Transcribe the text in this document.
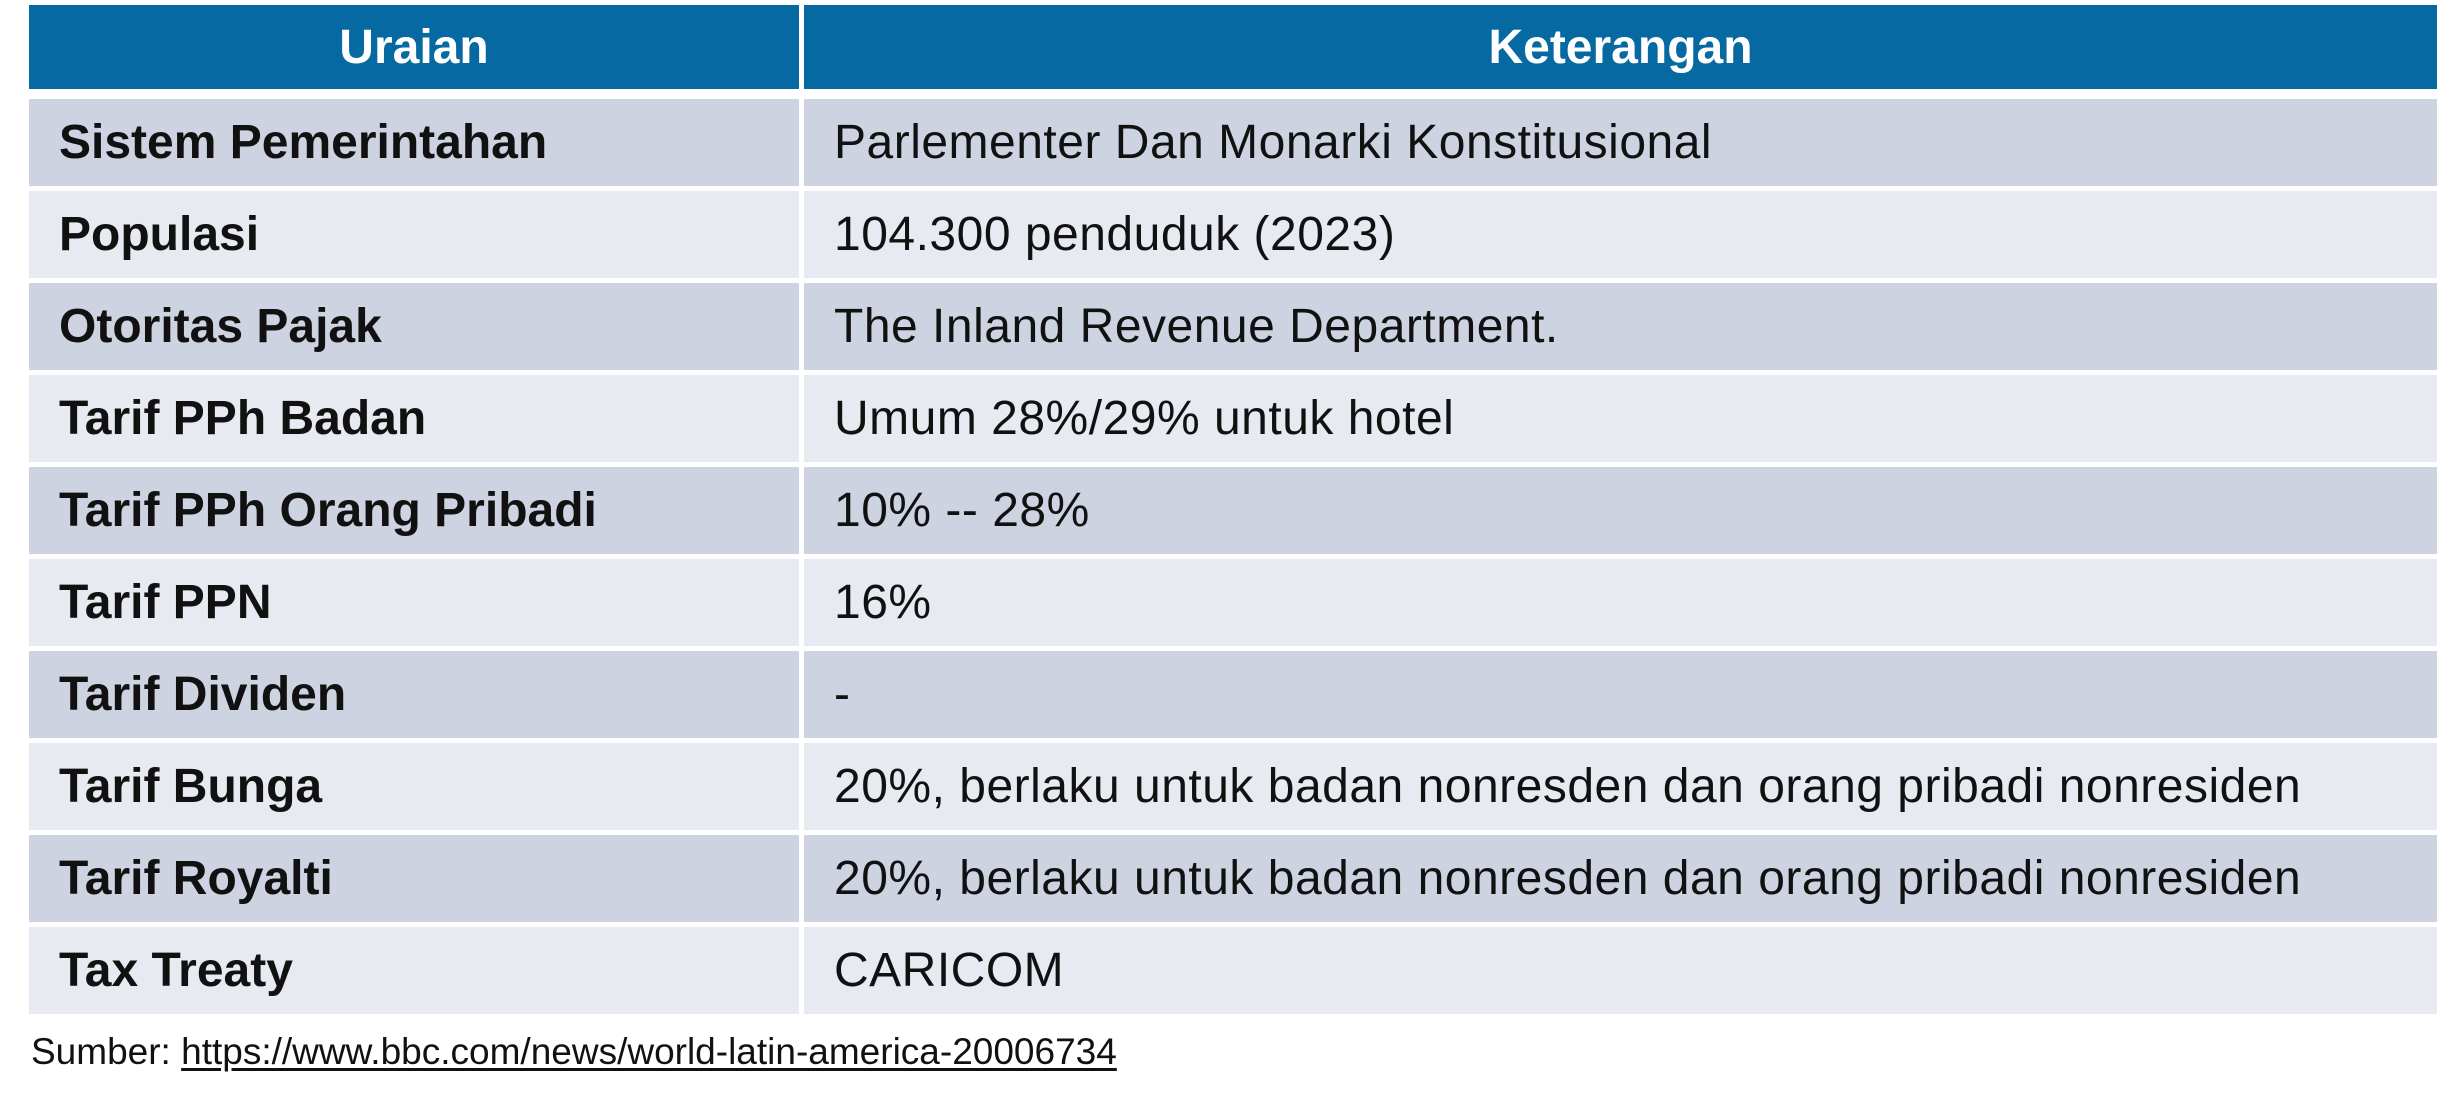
Uraian	Keterangan
Sistem Pemerintahan	Parlementer Dan Monarki Konstitusional
Populasi	104.300 penduduk (2023)
Otoritas Pajak	The Inland Revenue Department.
Tarif PPh Badan	Umum 28%/29% untuk hotel
Tarif PPh Orang Pribadi	10% -- 28%
Tarif PPN	16%
Tarif Dividen	-
Tarif Bunga	20%, berlaku untuk badan nonresden dan orang pribadi nonresiden
Tarif Royalti	20%, berlaku untuk badan nonresden dan orang pribadi nonresiden
Tax Treaty	CARICOM
Sumber: https://www.bbc.com/news/world-latin-america-20006734
